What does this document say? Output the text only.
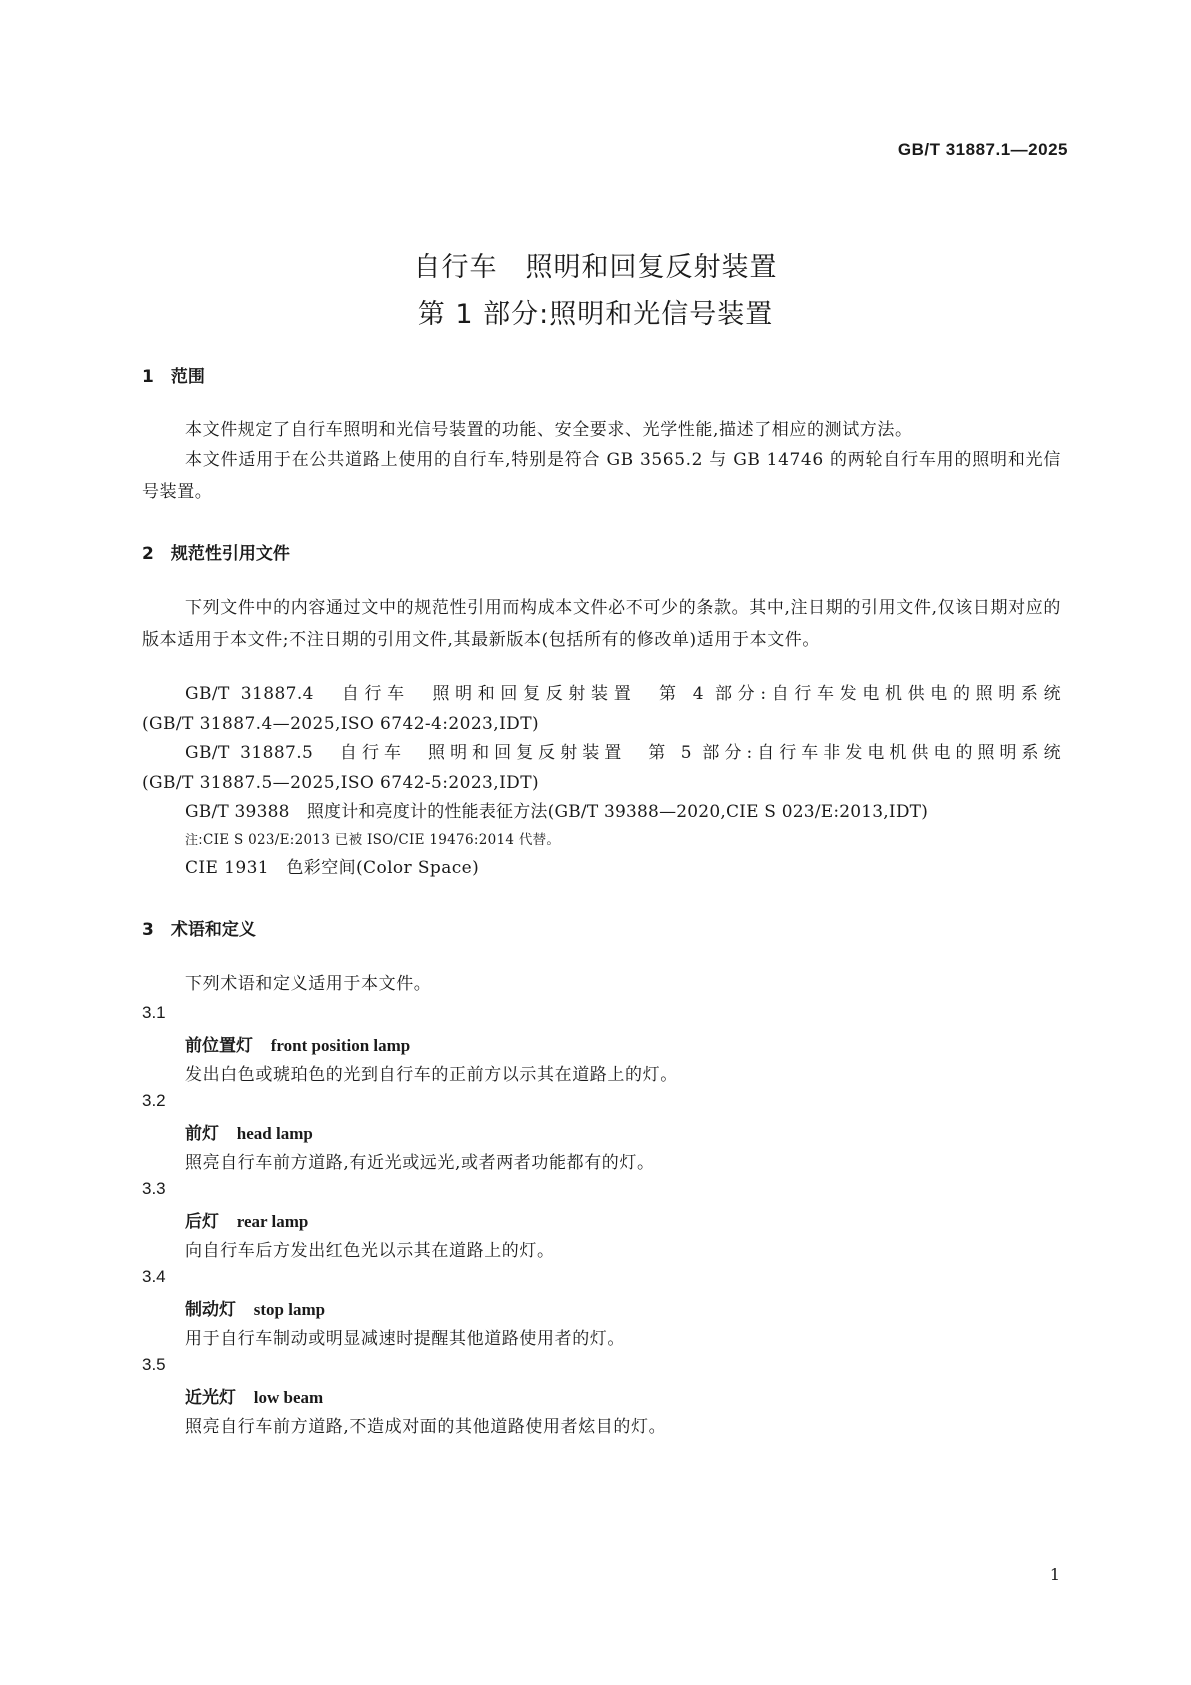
GB/T 31887.1—2025
自行车　照明和回复反射装置
第 1 部分:照明和光信号装置
1　范围
本文件规定了自行车照明和光信号装置的功能、安全要求、光学性能,描述了相应的测试方法。
本文件适用于在公共道路上使用的自行车,特别是符合 GB 3565.2 与 GB 14746 的两轮自行车用的照明和光信号装置。
2　规范性引用文件
下列文件中的内容通过文中的规范性引用而构成本文件必不可少的条款。其中,注日期的引用文件,仅该日期对应的版本适用于本文件;不注日期的引用文件,其最新版本(包括所有的修改单)适用于本文件。
GB/T 31887.4　自行车　照明和回复反射装置　第 4 部分:自行车发电机供电的照明系统
(GB/T 31887.4—2025,ISO 6742-4:2023,IDT)
GB/T 31887.5　自行车　照明和回复反射装置　第 5 部分:自行车非发电机供电的照明系统
(GB/T 31887.5—2025,ISO 6742-5:2023,IDT)
GB/T 39388　照度计和亮度计的性能表征方法(GB/T 39388—2020,CIE S 023/E:2013,IDT)
注:CIE S 023/E:2013 已被 ISO/CIE 19476:2014 代替。
CIE 1931　色彩空间(Color Space)
3　术语和定义
下列术语和定义适用于本文件。
3.1
前位置灯 front position lamp
发出白色或琥珀色的光到自行车的正前方以示其在道路上的灯。
3.2
前灯 head lamp
照亮自行车前方道路,有近光或远光,或者两者功能都有的灯。
3.3
后灯 rear lamp
向自行车后方发出红色光以示其在道路上的灯。
3.4
制动灯 stop lamp
用于自行车制动或明显减速时提醒其他道路使用者的灯。
3.5
近光灯 low beam
照亮自行车前方道路,不造成对面的其他道路使用者炫目的灯。
1
